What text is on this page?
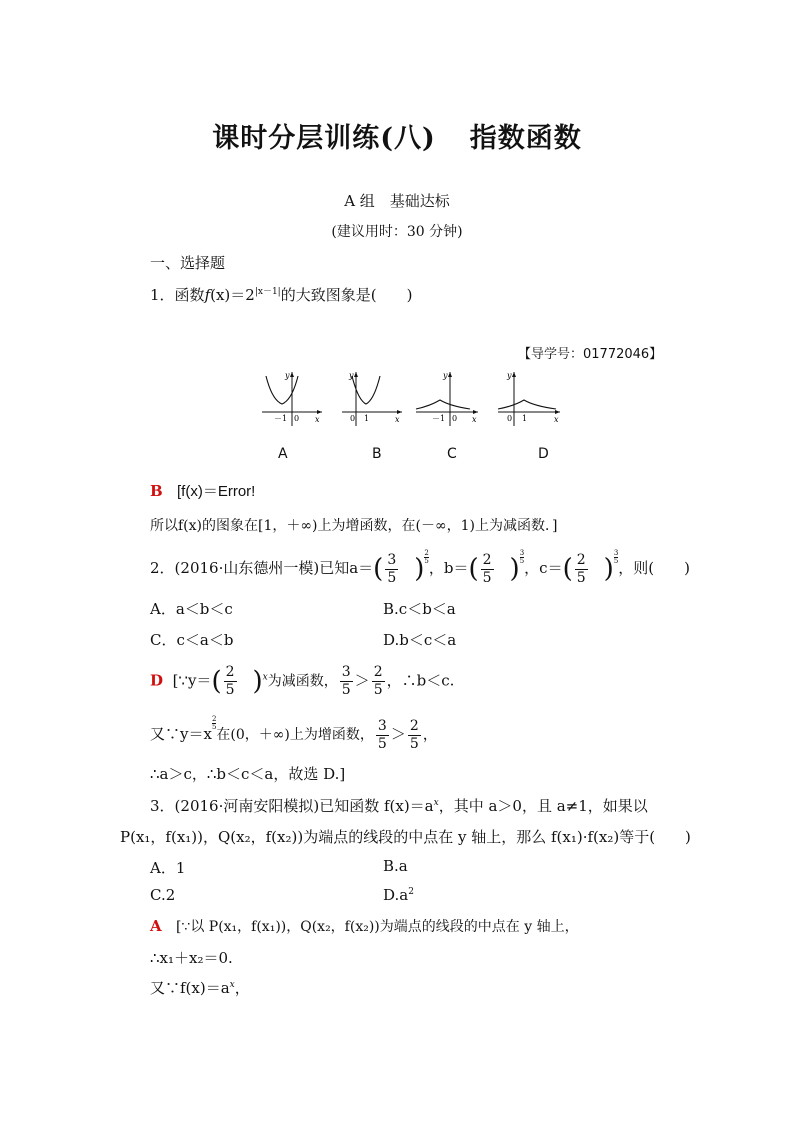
课时分层训练(八) 指数函数
A 组　基础达标
(建议用时：30 分钟)
一、选择题
1．函数$f(x)=2^{|x-1|}$的大致图象是(　　)
【导学号：01772046】
y
x
0
－1
A
y
x
0 1
B
y
x
0
－1
C
y
x
0 1
D
B [f(x)＝Error!
所以f(x)的图象在[1，＋∞)上为增函数，在(－∞，1)上为减函数．]
2．(2016·山东德州一模)已知$a=( \frac{3}{5}$ ) $\frac{2}{5}$
，$b=( \frac{2}{5}$ ) $\frac{3}{5}$
，$c=( \frac{2}{5}$ ) $\frac{3}{5}$
，则(　　)
A．a＜b＜c	B.c＜b＜a
C．c＜a＜b	D.b＜c＜a
D [∵y＝( $\frac{2}{5} )^x$为减函数， $\frac{3}{5} > \frac{2}{5}$ ，∴b＜c.
又∵y＝x
$\frac{2}{5}$
在(0，＋∞)上为增函数， $\frac{3}{5} > \frac{2}{5}$ ，
∴a＞c，∴b＜c＜a，故选 D.]
3．(2016·河南安阳模拟)已知函数 $f(x)=a^x$，其中 a＞0，且 a≠1，如果以
P(x₁，f(x₁))，Q(x₂，f(x₂))为端点的线段的中点在 y 轴上，那么 f(x₁)·f(x₂)等于(　　)
A．1	B.a
C.2	$D.a^2$
A [∵以 P(x₁，f(x₁))，Q(x₂，f(x₂))为端点的线段的中点在 y 轴上，
∴x₁＋x₂＝0.
又$\because f(x)=a^x$，
